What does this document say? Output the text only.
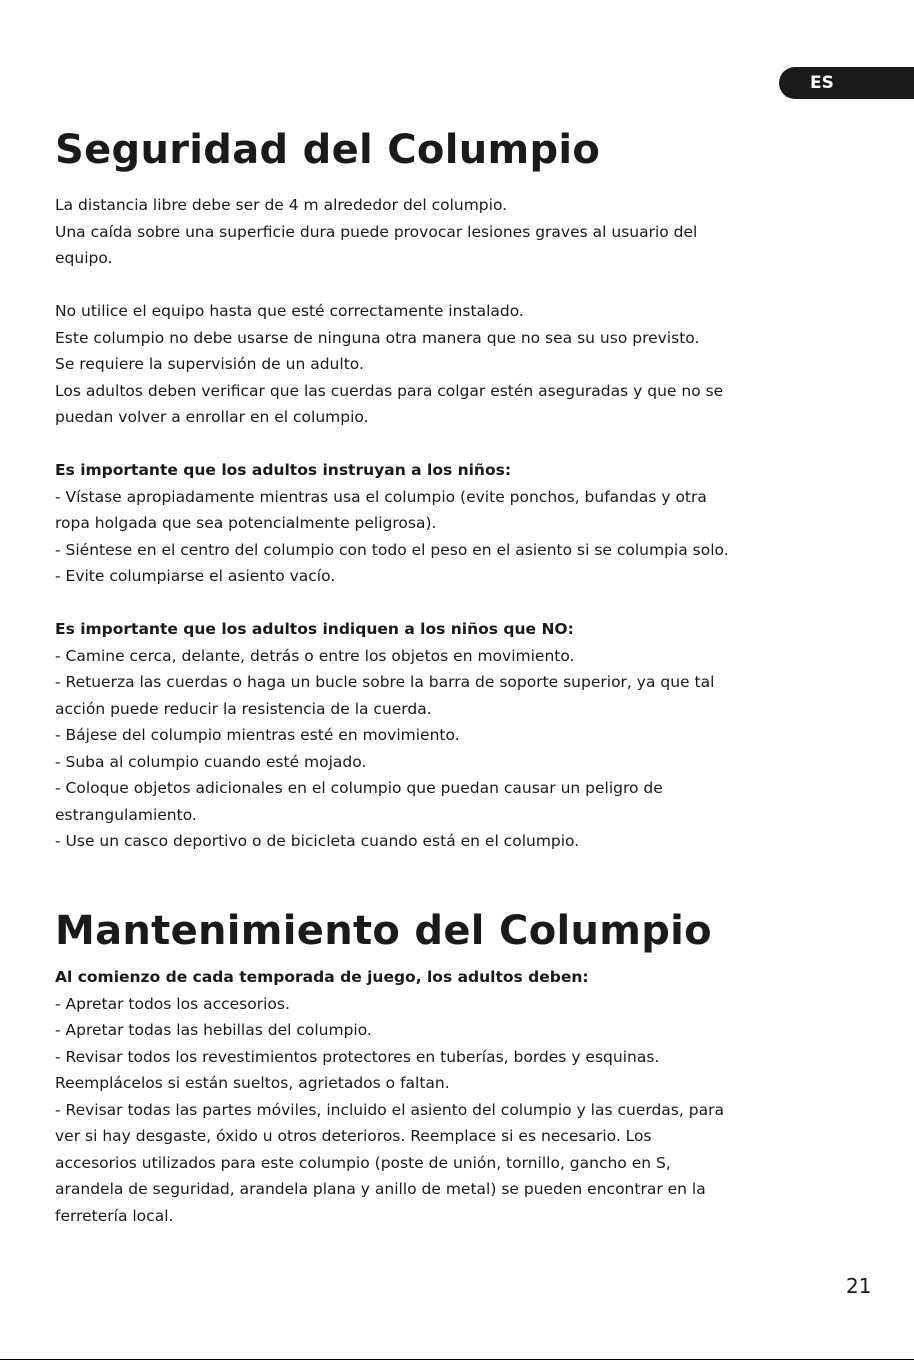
ES
Seguridad del Columpio
La distancia libre debe ser de 4 m alrededor del columpio.
Una caída sobre una superficie dura puede provocar lesiones graves al usuario del
equipo.
No utilice el equipo hasta que esté correctamente instalado.
Este columpio no debe usarse de ninguna otra manera que no sea su uso previsto.
Se requiere la supervisión de un adulto.
Los adultos deben verificar que las cuerdas para colgar estén aseguradas y que no se
puedan volver a enrollar en el columpio.
Es importante que los adultos instruyan a los niños:
- Vístase apropiadamente mientras usa el columpio (evite ponchos, bufandas y otra
ropa holgada que sea potencialmente peligrosa).
- Siéntese en el centro del columpio con todo el peso en el asiento si se columpia solo.
- Evite columpiarse el asiento vacío.
Es importante que los adultos indiquen a los niños que NO:
- Camine cerca, delante, detrás o entre los objetos en movimiento.
- Retuerza las cuerdas o haga un bucle sobre la barra de soporte superior, ya que tal
acción puede reducir la resistencia de la cuerda.
- Bájese del columpio mientras esté en movimiento.
- Suba al columpio cuando esté mojado.
- Coloque objetos adicionales en el columpio que puedan causar un peligro de
estrangulamiento.
- Use un casco deportivo o de bicicleta cuando está en el columpio.
Mantenimiento del Columpio
Al comienzo de cada temporada de juego, los adultos deben:
- Apretar todos los accesorios.
- Apretar todas las hebillas del columpio.
- Revisar todos los revestimientos protectores en tuberías, bordes y esquinas.
Reemplácelos si están sueltos, agrietados o faltan.
- Revisar todas las partes móviles, incluido el asiento del columpio y las cuerdas, para
ver si hay desgaste, óxido u otros deterioros. Reemplace si es necesario. Los
accesorios utilizados para este columpio (poste de unión, tornillo, gancho en S,
arandela de seguridad, arandela plana y anillo de metal) se pueden encontrar en la
ferretería local.
21
